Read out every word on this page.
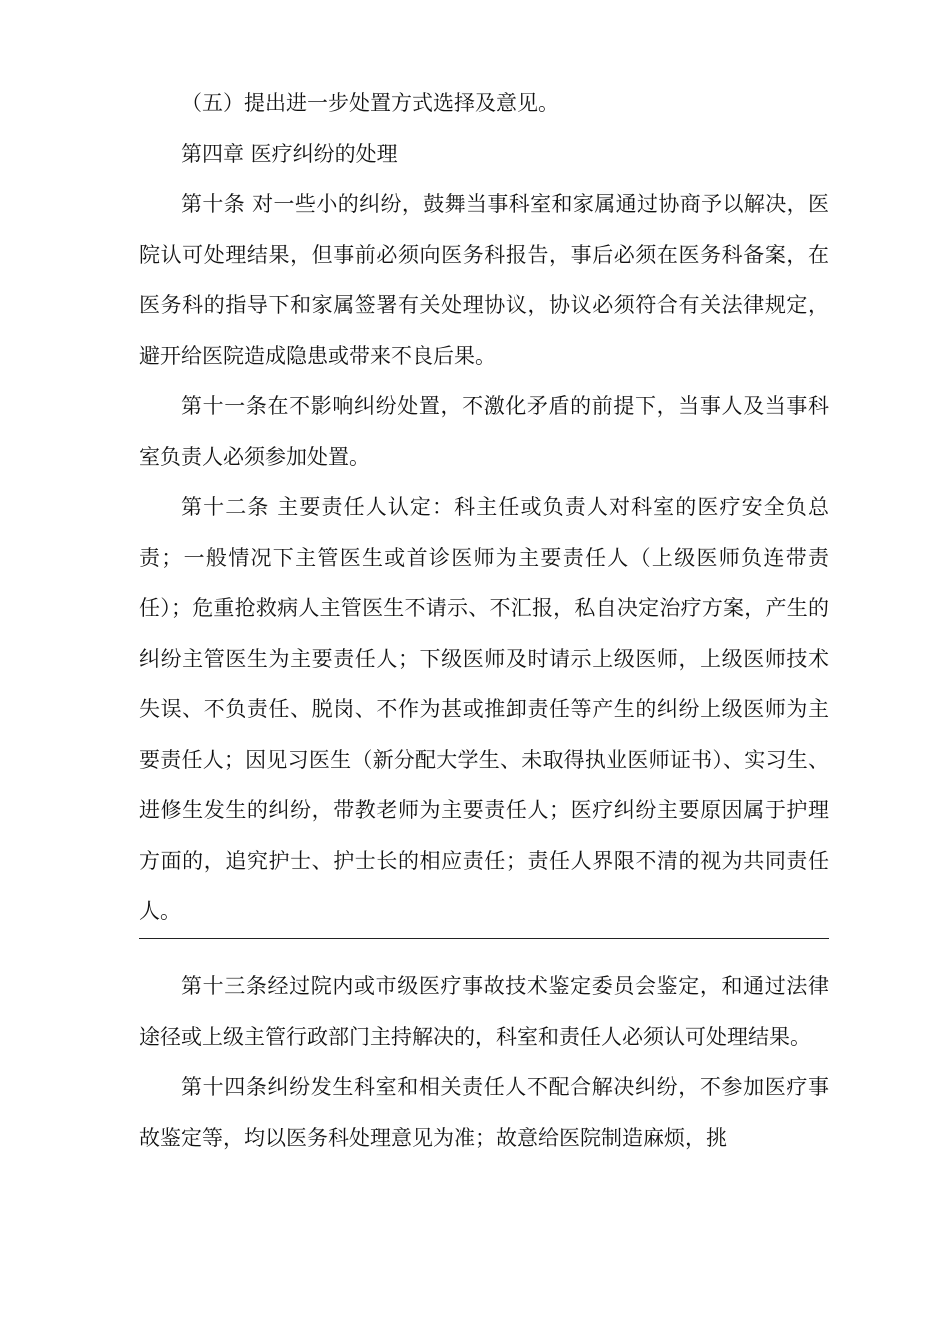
（五）提出进一步处置方式选择及意见。

第四章 医疗纠纷的处理

第十条 对一些小的纠纷，鼓舞当事科室和家属通过协商予以解决，医院认可处理结果，但事前必须向医务科报告，事后必须在医务科备案，在医务科的指导下和家属签署有关处理协议，协议必须符合有关法律规定，避开给医院造成隐患或带来不良后果。

第十一条在不影响纠纷处置，不激化矛盾的前提下，当事人及当事科室负责人必须参加处置。

第十二条 主要责任人认定：科主任或负责人对科室的医疗安全负总责；一般情况下主管医生或首诊医师为主要责任人（上级医师负连带责任）；危重抢救病人主管医生不请示、不汇报，私自决定治疗方案，产生的纠纷主管医生为主要责任人；下级医师及时请示上级医师，上级医师技术失误、不负责任、脱岗、不作为甚或推卸责任等产生的纠纷上级医师为主要责任人；因见习医生（新分配大学生、未取得执业医师证书）、实习生、进修生发生的纠纷，带教老师为主要责任人；医疗纠纷主要原因属于护理方面的，追究护士、护士长的相应责任；责任人界限不清的视为共同责任人。

第十三条经过院内或市级医疗事故技术鉴定委员会鉴定，和通过法律途径或上级主管行政部门主持解决的，科室和责任人必须认可处理结果。

第十四条纠纷发生科室和相关责任人不配合解决纠纷，不参加医疗事故鉴定等，均以医务科处理意见为准；故意给医院制造麻烦，挑
